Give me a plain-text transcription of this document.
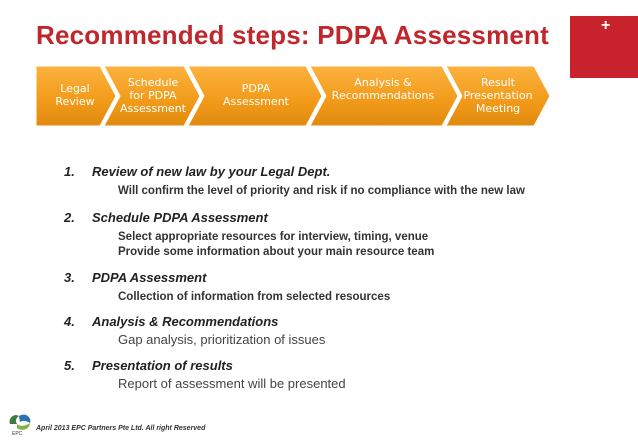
Recommended steps: PDPA Assessment	+
Legal
Review
Schedule
for PDPA
Assessment
PDPA
Assessment
Analysis &
Recommendations
Result
Presentation
Meeting
1.	Review of new law by your Legal Dept.
Will confirm the level of priority and risk if no compliance with the new law
2.	Schedule PDPA Assessment
Select appropriate resources for interview, timing, venue
Provide some information about your main resource team
3.	PDPA Assessment
Collection of information from selected resources
4.	Analysis & Recommendations
Gap analysis, prioritization of issues
5.	Presentation of results
Report of assessment will be presented
EPC
April 2013 EPC Partners Pte Ltd. All right Reserved
